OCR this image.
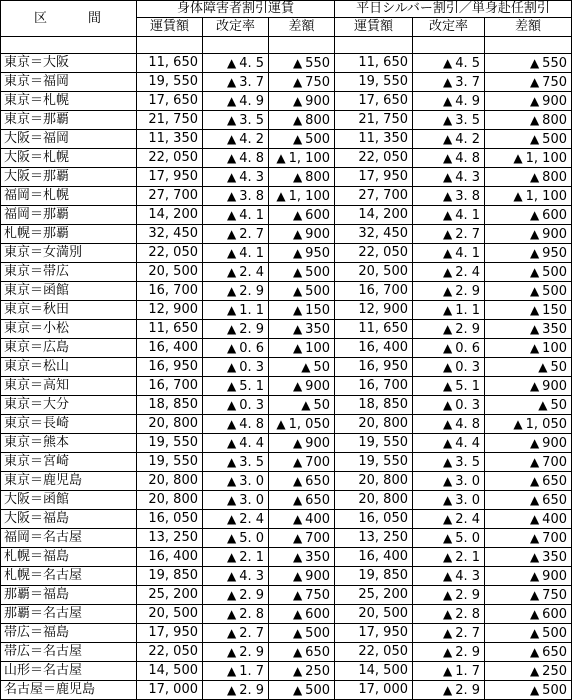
区　間	身体障害者割引運賃			平日シルバー割引／単身赴任割引		
	運賃額	改定率	差額	運賃額	改定率	差額

東京＝大阪	11, 650	▲ 4. 5	▲ 550	11, 650	▲ 4. 5	▲ 550
東京＝福岡	19, 550	▲ 3. 7	▲ 750	19, 550	▲ 3. 7	▲ 750
東京＝札幌	17, 650	▲ 4. 9	▲ 900	17, 650	▲ 4. 9	▲ 900
東京＝那覇	21, 750	▲ 3. 5	▲ 800	21, 750	▲ 3. 5	▲ 800
大阪＝福岡	11, 350	▲ 4. 2	▲ 500	11, 350	▲ 4. 2	▲ 500
大阪＝札幌	22, 050	▲ 4. 8	▲ 1, 100	22, 050	▲ 4. 8	▲ 1, 100
大阪＝那覇	17, 950	▲ 4. 3	▲ 800	17, 950	▲ 4. 3	▲ 800
福岡＝札幌	27, 700	▲ 3. 8	▲ 1, 100	27, 700	▲ 3. 8	▲ 1, 100
福岡＝那覇	14, 200	▲ 4. 1	▲ 600	14, 200	▲ 4. 1	▲ 600
札幌＝那覇	32, 450	▲ 2. 7	▲ 900	32, 450	▲ 2. 7	▲ 900
東京＝女満別	22, 050	▲ 4. 1	▲ 950	22, 050	▲ 4. 1	▲ 950
東京＝帯広	20, 500	▲ 2. 4	▲ 500	20, 500	▲ 2. 4	▲ 500
東京＝函館	16, 700	▲ 2. 9	▲ 500	16, 700	▲ 2. 9	▲ 500
東京＝秋田	12, 900	▲ 1. 1	▲ 150	12, 900	▲ 1. 1	▲ 150
東京＝小松	11, 650	▲ 2. 9	▲ 350	11, 650	▲ 2. 9	▲ 350
東京＝広島	16, 400	▲ 0. 6	▲ 100	16, 400	▲ 0. 6	▲ 100
東京＝松山	16, 950	▲ 0. 3	▲ 50	16, 950	▲ 0. 3	▲ 50
東京＝高知	16, 700	▲ 5. 1	▲ 900	16, 700	▲ 5. 1	▲ 900
東京＝大分	18, 850	▲ 0. 3	▲ 50	18, 850	▲ 0. 3	▲ 50
東京＝長崎	20, 800	▲ 4. 8	▲ 1, 050	20, 800	▲ 4. 8	▲ 1, 050
東京＝熊本	19, 550	▲ 4. 4	▲ 900	19, 550	▲ 4. 4	▲ 900
東京＝宮崎	19, 550	▲ 3. 5	▲ 700	19, 550	▲ 3. 5	▲ 700
東京＝鹿児島	20, 800	▲ 3. 0	▲ 650	20, 800	▲ 3. 0	▲ 650
大阪＝函館	20, 800	▲ 3. 0	▲ 650	20, 800	▲ 3. 0	▲ 650
大阪＝福島	16, 050	▲ 2. 4	▲ 400	16, 050	▲ 2. 4	▲ 400
福岡＝名古屋	13, 250	▲ 5. 0	▲ 700	13, 250	▲ 5. 0	▲ 700
札幌＝福島	16, 400	▲ 2. 1	▲ 350	16, 400	▲ 2. 1	▲ 350
札幌＝名古屋	19, 850	▲ 4. 3	▲ 900	19, 850	▲ 4. 3	▲ 900
那覇＝福島	25, 200	▲ 2. 9	▲ 750	25, 200	▲ 2. 9	▲ 750
那覇＝名古屋	20, 500	▲ 2. 8	▲ 600	20, 500	▲ 2. 8	▲ 600
帯広＝福島	17, 950	▲ 2. 7	▲ 500	17, 950	▲ 2. 7	▲ 500
帯広＝名古屋	22, 050	▲ 2. 9	▲ 650	22, 050	▲ 2. 9	▲ 650
山形＝名古屋	14, 500	▲ 1. 7	▲ 250	14, 500	▲ 1. 7	▲ 250
名古屋＝鹿児島	17, 000	▲ 2. 9	▲ 500	17, 000	▲ 2. 9	▲ 500
